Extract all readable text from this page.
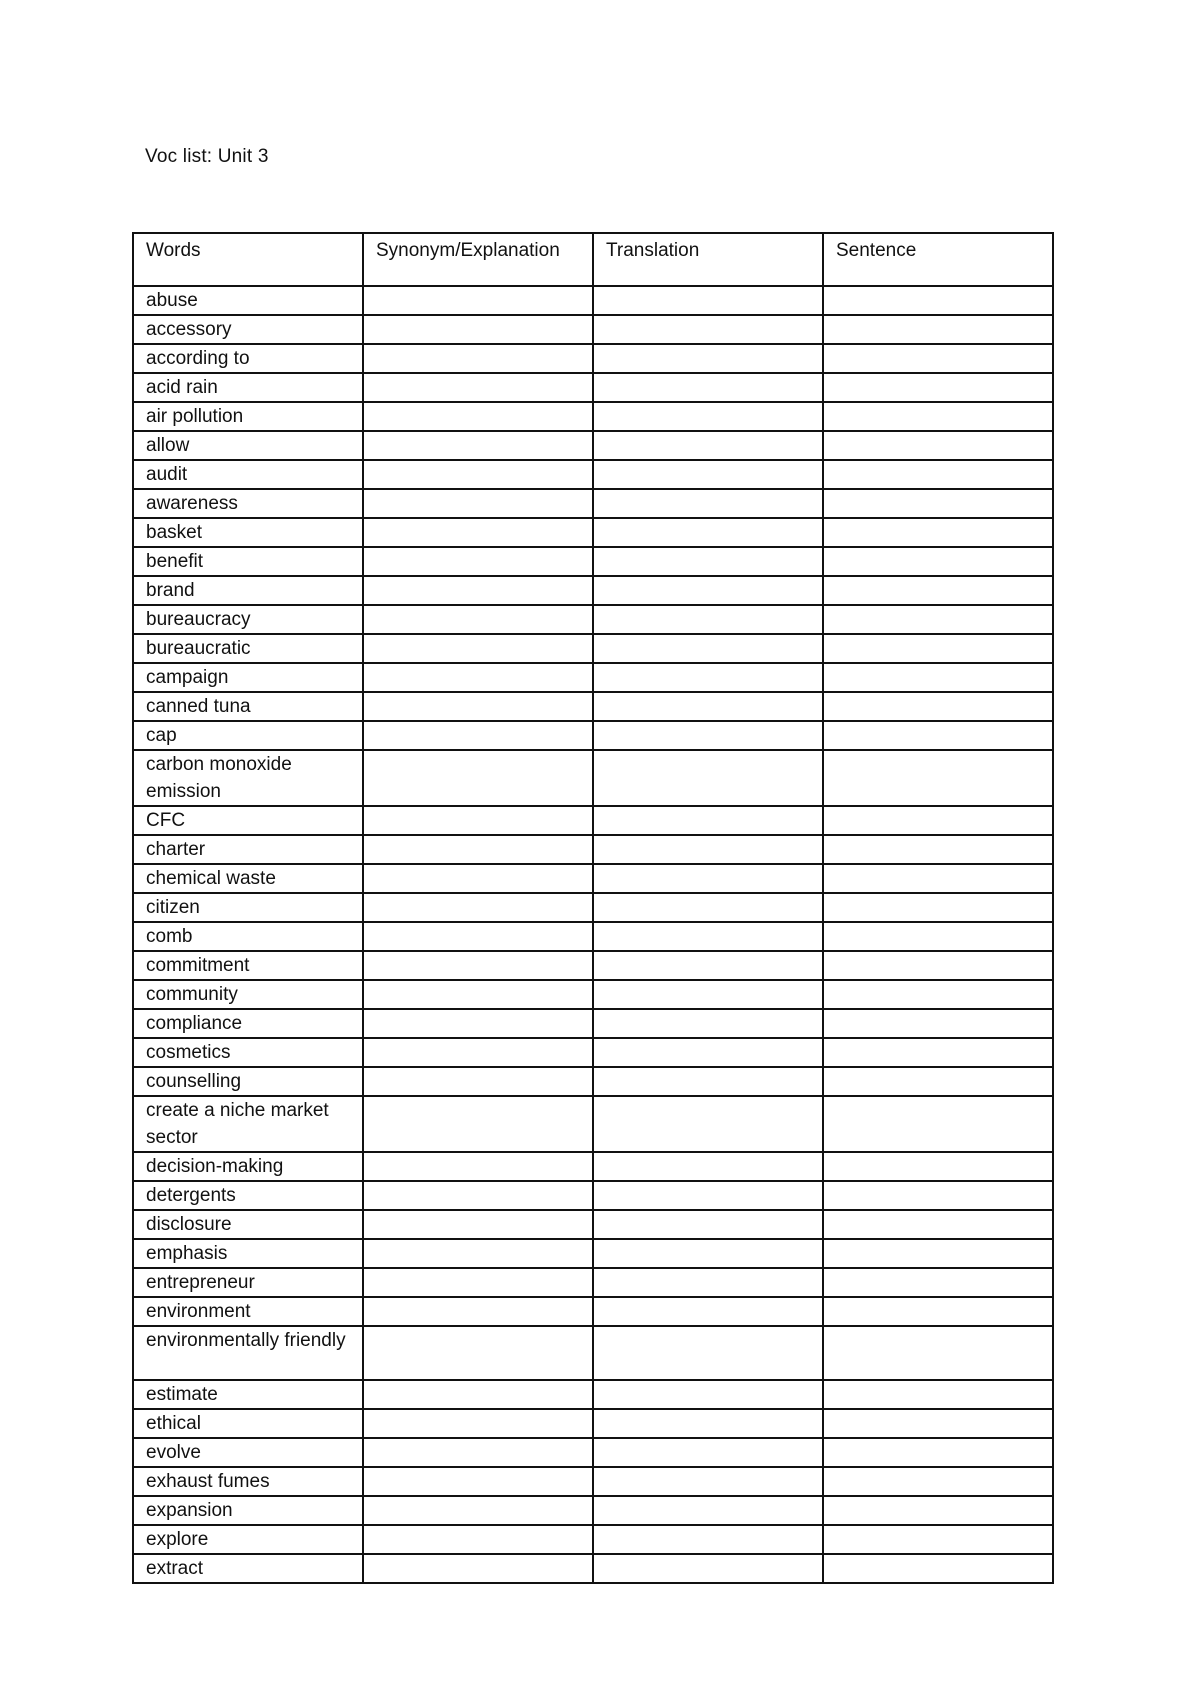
Voc list: Unit 3
Words	Synonym/Explanation	Translation	Sentence
abuse			
accessory			
according to			
acid rain			
air pollution			
allow			
audit			
awareness			
basket			
benefit			
brand			
bureaucracy			
bureaucratic			
campaign			
canned tuna			
cap			
carbon monoxide emission			
CFC			
charter			
chemical waste			
citizen			
comb			
commitment			
community			
compliance			
cosmetics			
counselling			
create a niche market sector			
decision-making			
detergents			
disclosure			
emphasis			
entrepreneur			
environment			
environmentally friendly			
estimate			
ethical			
evolve			
exhaust fumes			
expansion			
explore			
extract			
